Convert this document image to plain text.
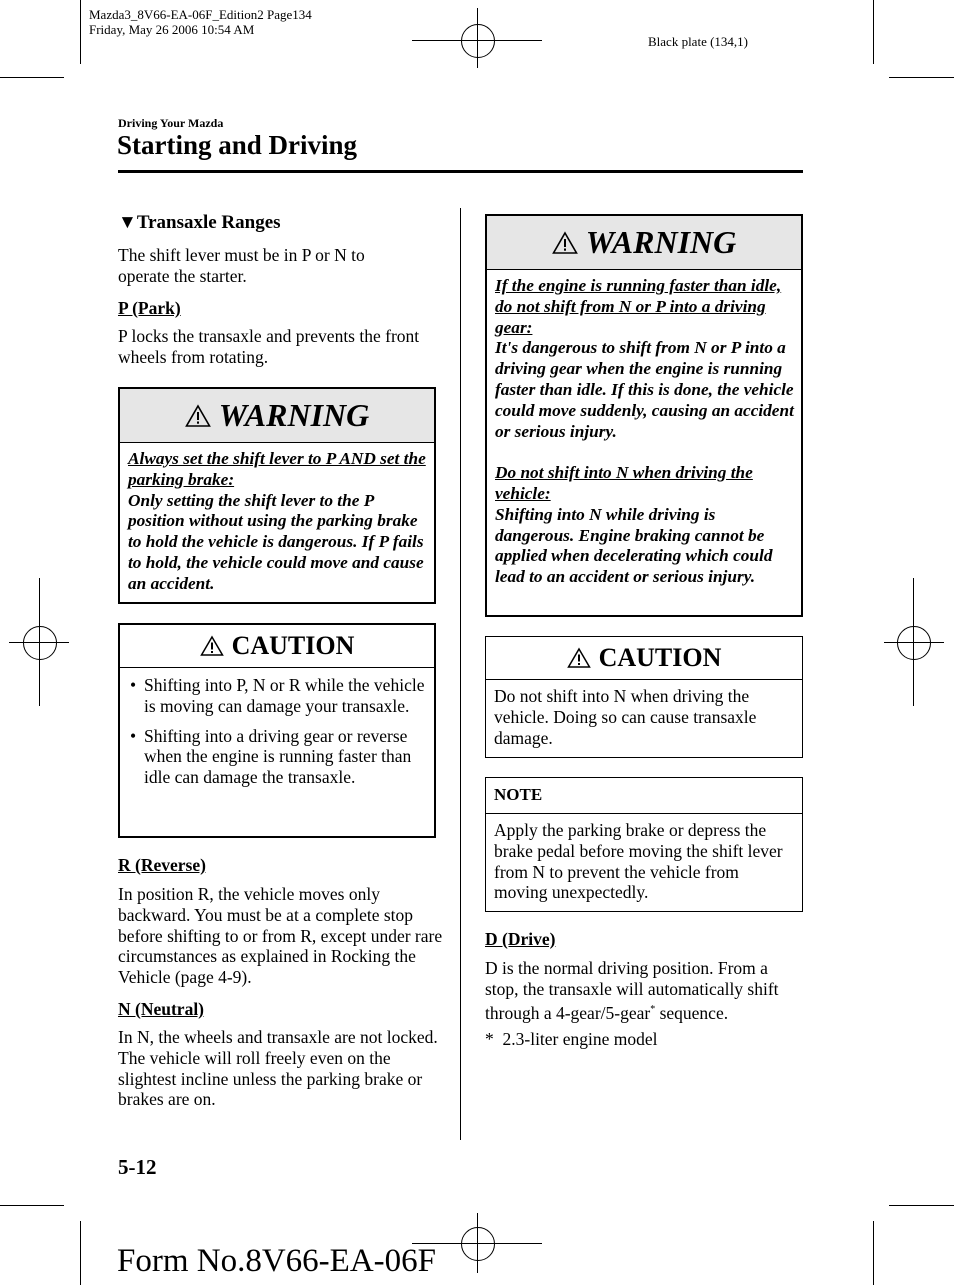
Mazda3_8V66-EA-06F_Edition2 Page134
Friday, May 26 2006 10:54 AM
Black plate (134,1)
Driving Your Mazda
Starting and Driving
▼Transaxle Ranges
The shift lever must be in P or N to operate the starter.
P (Park)
P locks the transaxle and prevents the front wheels from rotating.
WARNING
Always set the shift lever to P AND set the parking brake:
Only setting the shift lever to the P position without using the parking brake to hold the vehicle is dangerous. If P fails to hold, the vehicle could move and cause an accident.
CAUTION
• Shifting into P, N or R while the vehicle is moving can damage your transaxle.
• Shifting into a driving gear or reverse when the engine is running faster than idle can damage the transaxle.
R (Reverse)
In position R, the vehicle moves only backward. You must be at a complete stop before shifting to or from R, except under rare circumstances as explained in Rocking the Vehicle (page 4-9).
N (Neutral)
In N, the wheels and transaxle are not locked. The vehicle will roll freely even on the slightest incline unless the parking brake or brakes are on.
WARNING
If the engine is running faster than idle, do not shift from N or P into a driving gear:
It's dangerous to shift from N or P into a driving gear when the engine is running faster than idle. If this is done, the vehicle could move suddenly, causing an accident or serious injury.
Do not shift into N when driving the vehicle:
Shifting into N while driving is dangerous. Engine braking cannot be applied when decelerating which could lead to an accident or serious injury.
CAUTION
Do not shift into N when driving the vehicle. Doing so can cause transaxle damage.
NOTE
Apply the parking brake or depress the brake pedal before moving the shift lever from N to prevent the vehicle from moving unexpectedly.
D (Drive)
D is the normal driving position. From a stop, the transaxle will automatically shift through a 4-gear/5-gear* sequence.
* 2.3-liter engine model
5-12
Form No.8V66-EA-06F
